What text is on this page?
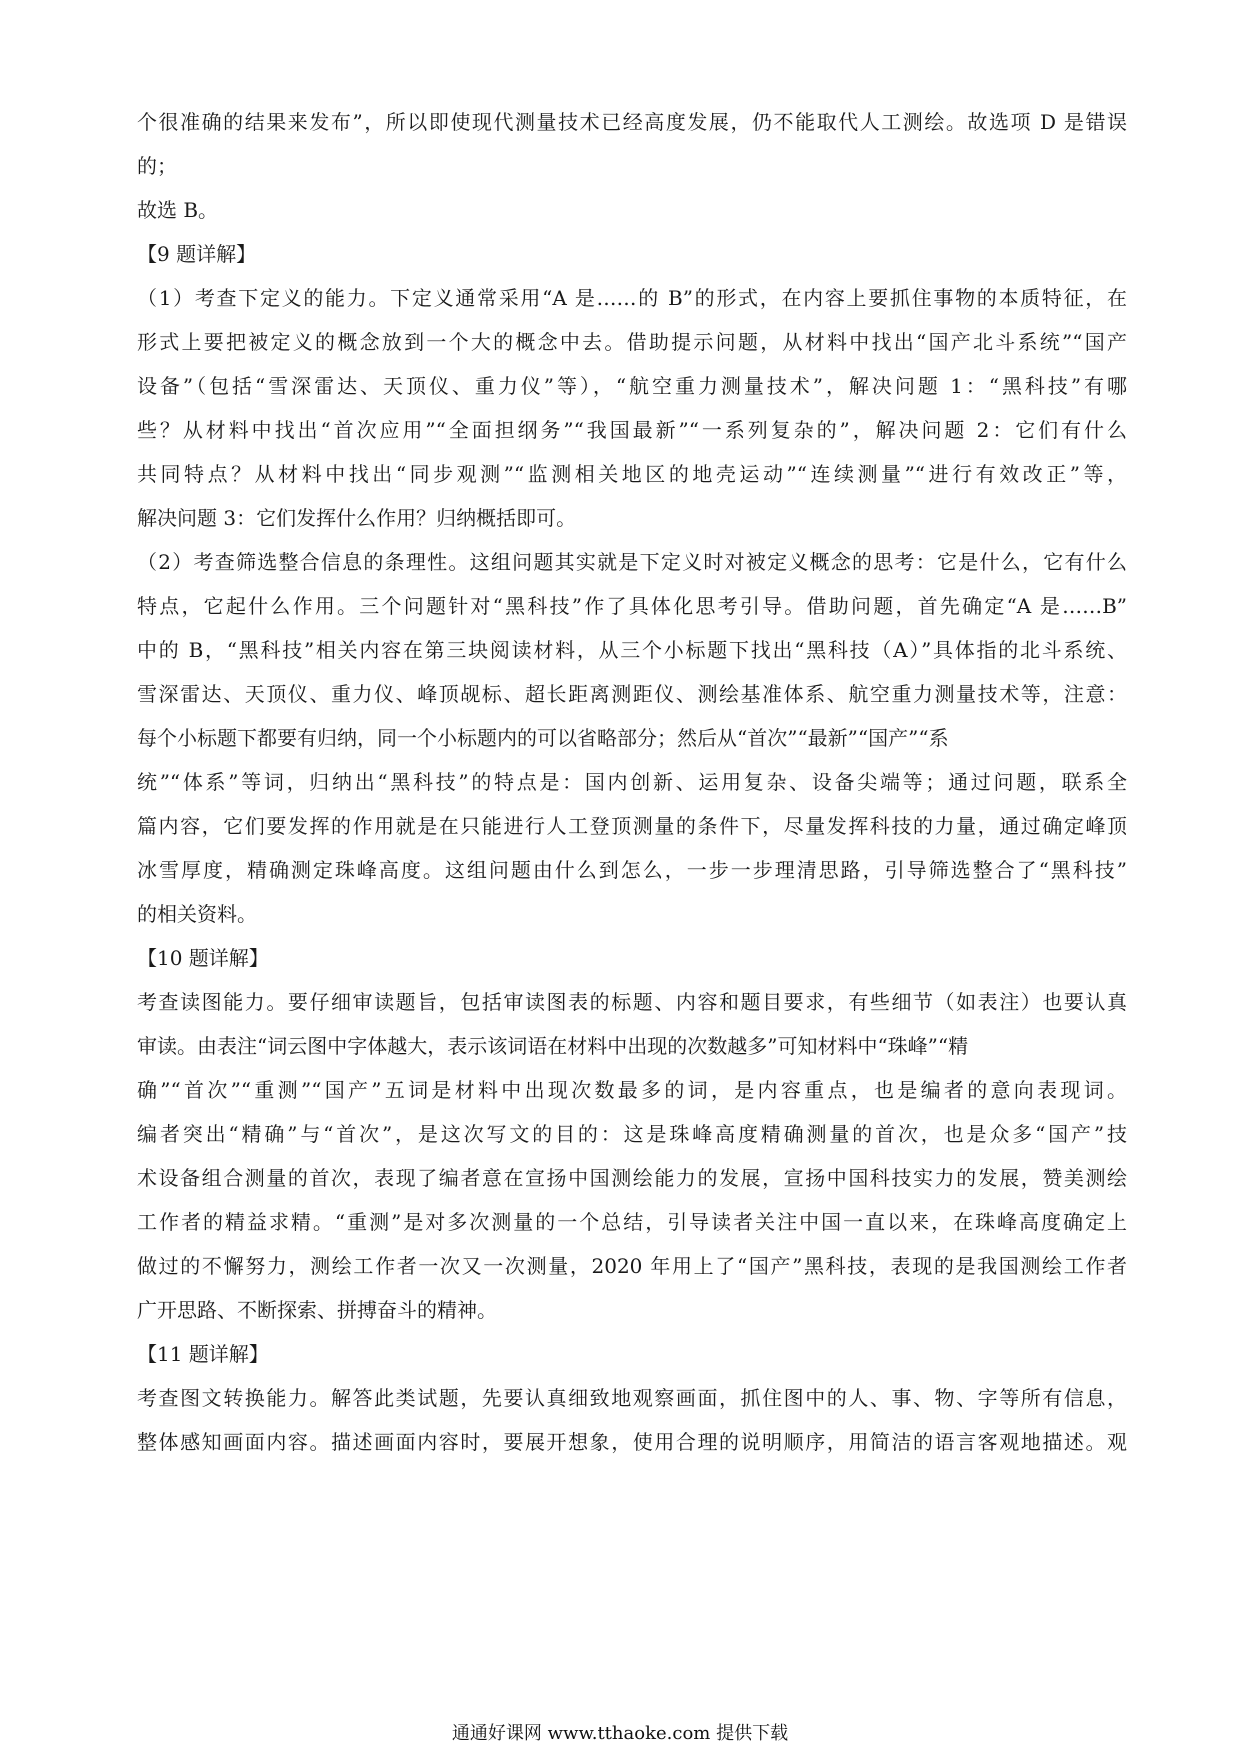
个很准确的结果来发布”，所以即使现代测量技术已经高度发展，仍不能取代人工测绘。故选项 D 是错误
的；
故选 B。
【9 题详解】
（1）考查下定义的能力。下定义通常采用“A 是……的 B”的形式，在内容上要抓住事物的本质特征，在
形式上要把被定义的概念放到一个大的概念中去。借助提示问题，从材料中找出“国产北斗系统”“国产
设备”（包括“雪深雷达、天顶仪、重力仪”等），“航空重力测量技术”，解决问题 1：“黑科技”有哪
些？从材料中找出“首次应用”“全面担纲务”“我国最新”“一系列复杂的”，解决问题 2：它们有什么
共同特点？从材料中找出“同步观测”“监测相关地区的地壳运动”“连续测量”“进行有效改正”等，
解决问题 3：它们发挥什么作用？归纳概括即可。
（2）考查筛选整合信息的条理性。这组问题其实就是下定义时对被定义概念的思考：它是什么，它有什么
特点，它起什么作用。三个问题针对“黑科技”作了具体化思考引导。借助问题，首先确定“A 是……B”
中的 B，“黑科技”相关内容在第三块阅读材料，从三个小标题下找出“黑科技（A）”具体指的北斗系统、
雪深雷达、天顶仪、重力仪、峰顶觇标、超长距离测距仪、测绘基准体系、航空重力测量技术等，注意：
每个小标题下都要有归纳，同一个小标题内的可以省略部分；然后从“首次”“最新”“国产”“系
统”“体系”等词，归纳出“黑科技”的特点是：国内创新、运用复杂、设备尖端等；通过问题，联系全
篇内容，它们要发挥的作用就是在只能进行人工登顶测量的条件下，尽量发挥科技的力量，通过确定峰顶
冰雪厚度，精确测定珠峰高度。这组问题由什么到怎么，一步一步理清思路，引导筛选整合了“黑科技”
的相关资料。
【10 题详解】
考查读图能力。要仔细审读题旨，包括审读图表的标题、内容和题目要求，有些细节（如表注）也要认真
审读。由表注“词云图中字体越大，表示该词语在材料中出现的次数越多”可知材料中“珠峰”“精
确”“首次”“重测”“国产”五词是材料中出现次数最多的词，是内容重点，也是编者的意向表现词。
编者突出“精确”与“首次”，是这次写文的目的：这是珠峰高度精确测量的首次，也是众多“国产”技
术设备组合测量的首次，表现了编者意在宣扬中国测绘能力的发展，宣扬中国科技实力的发展，赞美测绘
工作者的精益求精。“重测”是对多次测量的一个总结，引导读者关注中国一直以来，在珠峰高度确定上
做过的不懈努力，测绘工作者一次又一次测量，2020 年用上了“国产”黑科技，表现的是我国测绘工作者
广开思路、不断探索、拼搏奋斗的精神。
【11 题详解】
考查图文转换能力。解答此类试题，先要认真细致地观察画面，抓住图中的人、事、物、字等所有信息，
整体感知画面内容。描述画面内容时，要展开想象，使用合理的说明顺序，用简洁的语言客观地描述。观
通通好课网 www.tthaoke.com 提供下载
